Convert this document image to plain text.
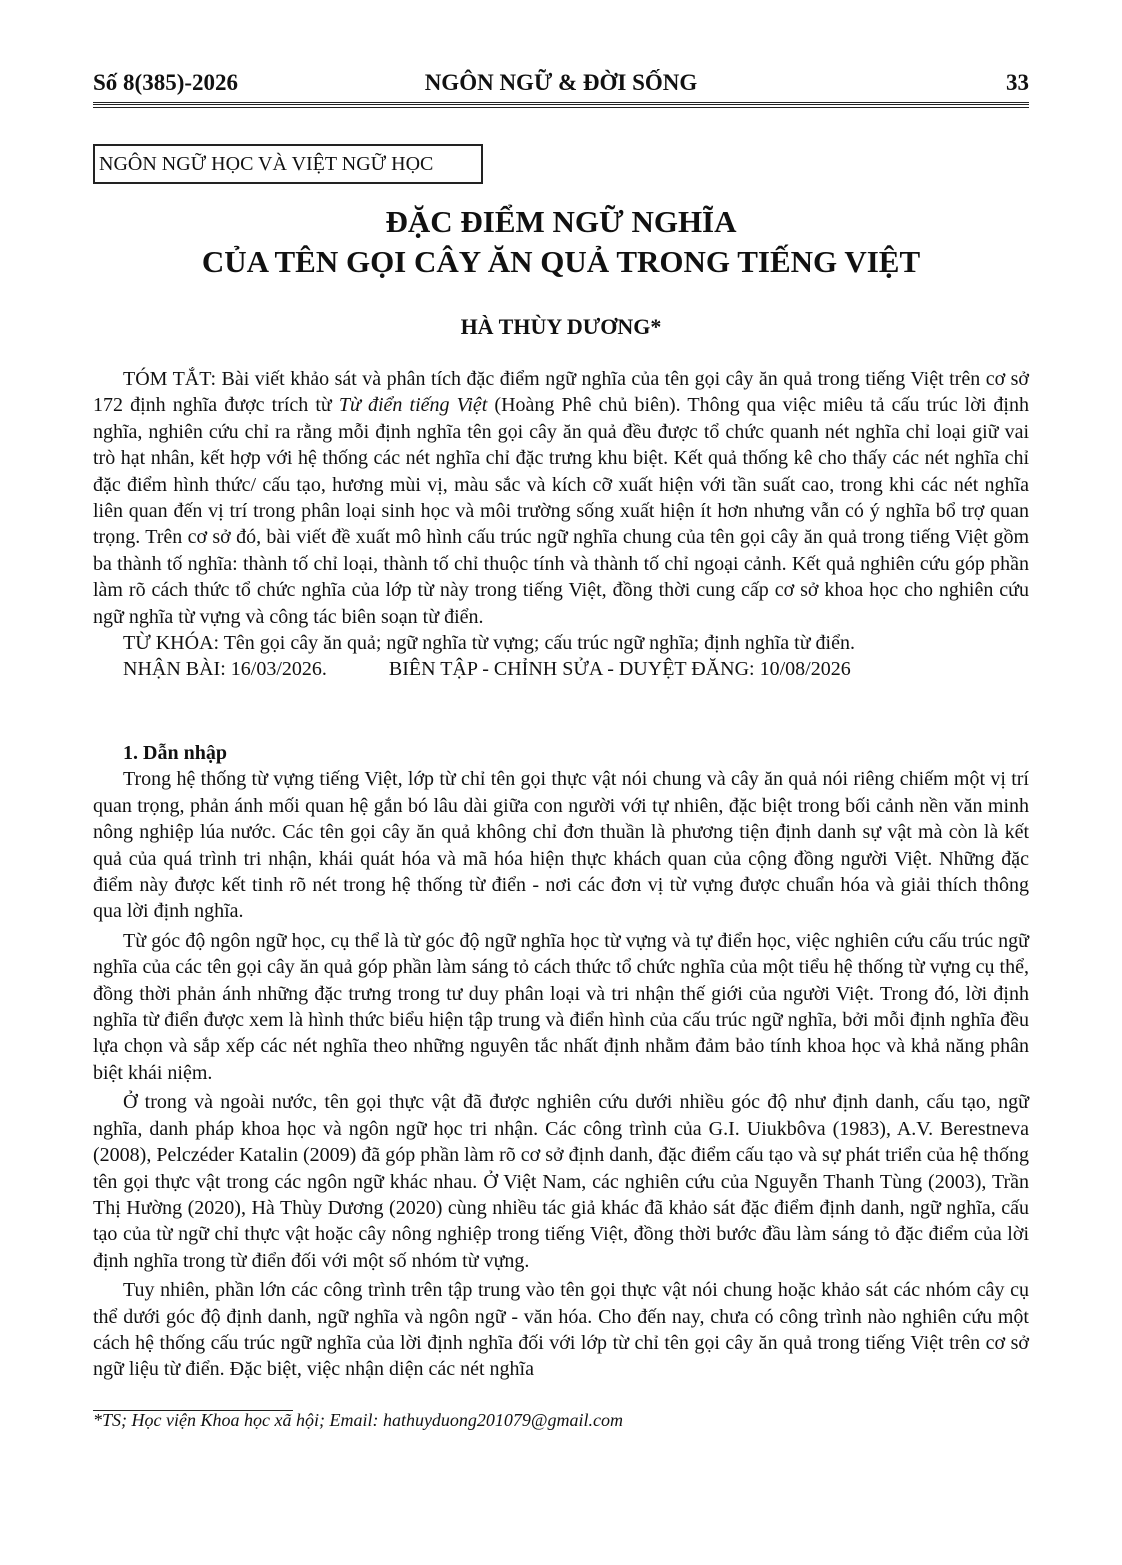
Số 8(385)-2026	NGÔN NGỮ & ĐỜI SỐNG	33
NGÔN NGỮ HỌC VÀ VIỆT NGỮ HỌC
ĐẶC ĐIỂM NGỮ NGHĨA
CỦA TÊN GỌI CÂY ĂN QUẢ TRONG TIẾNG VIỆT
HÀ THÙY DƯƠNG*

TÓM TẮT: Bài viết khảo sát và phân tích đặc điểm ngữ nghĩa của tên gọi cây ăn quả trong tiếng Việt trên cơ sở 172 định nghĩa được trích từ Từ điển tiếng Việt (Hoàng Phê chủ biên). Thông qua việc miêu tả cấu trúc lời định nghĩa, nghiên cứu chỉ ra rằng mỗi định nghĩa tên gọi cây ăn quả đều được tổ chức quanh nét nghĩa chỉ loại giữ vai trò hạt nhân, kết hợp với hệ thống các nét nghĩa chỉ đặc trưng khu biệt. Kết quả thống kê cho thấy các nét nghĩa chỉ đặc điểm hình thức/ cấu tạo, hương mùi vị, màu sắc và kích cỡ xuất hiện với tần suất cao, trong khi các nét nghĩa liên quan đến vị trí trong phân loại sinh học và môi trường sống xuất hiện ít hơn nhưng vẫn có ý nghĩa bổ trợ quan trọng. Trên cơ sở đó, bài viết đề xuất mô hình cấu trúc ngữ nghĩa chung của tên gọi cây ăn quả trong tiếng Việt gồm ba thành tố nghĩa: thành tố chỉ loại, thành tố chỉ thuộc tính và thành tố chỉ ngoại cảnh. Kết quả nghiên cứu góp phần làm rõ cách thức tổ chức nghĩa của lớp từ này trong tiếng Việt, đồng thời cung cấp cơ sở khoa học cho nghiên cứu ngữ nghĩa từ vựng và công tác biên soạn từ điển.

TỪ KHÓA: Tên gọi cây ăn quả; ngữ nghĩa từ vựng; cấu trúc ngữ nghĩa; định nghĩa từ điển.

NHẬN BÀI: 16/03/2026.	BIÊN TẬP - CHỈNH SỬA - DUYỆT ĐĂNG: 10/08/2026
1. Dẫn nhập

Trong hệ thống từ vựng tiếng Việt, lớp từ chỉ tên gọi thực vật nói chung và cây ăn quả nói riêng chiếm một vị trí quan trọng, phản ánh mối quan hệ gắn bó lâu dài giữa con người với tự nhiên, đặc biệt trong bối cảnh nền văn minh nông nghiệp lúa nước. Các tên gọi cây ăn quả không chỉ đơn thuần là phương tiện định danh sự vật mà còn là kết quả của quá trình tri nhận, khái quát hóa và mã hóa hiện thực khách quan của cộng đồng người Việt. Những đặc điểm này được kết tinh rõ nét trong hệ thống từ điển - nơi các đơn vị từ vựng được chuẩn hóa và giải thích thông qua lời định nghĩa.

Từ góc độ ngôn ngữ học, cụ thể là từ góc độ ngữ nghĩa học từ vựng và tự điển học, việc nghiên cứu cấu trúc ngữ nghĩa của các tên gọi cây ăn quả góp phần làm sáng tỏ cách thức tổ chức nghĩa của một tiểu hệ thống từ vựng cụ thể, đồng thời phản ánh những đặc trưng trong tư duy phân loại và tri nhận thế giới của người Việt. Trong đó, lời định nghĩa từ điển được xem là hình thức biểu hiện tập trung và điển hình của cấu trúc ngữ nghĩa, bởi mỗi định nghĩa đều lựa chọn và sắp xếp các nét nghĩa theo những nguyên tắc nhất định nhằm đảm bảo tính khoa học và khả năng phân biệt khái niệm.

Ở trong và ngoài nước, tên gọi thực vật đã được nghiên cứu dưới nhiều góc độ như định danh, cấu tạo, ngữ nghĩa, danh pháp khoa học và ngôn ngữ học tri nhận. Các công trình của G.I. Uiukbôva (1983), A.V. Berestneva (2008), Pelczéder Katalin (2009) đã góp phần làm rõ cơ sở định danh, đặc điểm cấu tạo và sự phát triển của hệ thống tên gọi thực vật trong các ngôn ngữ khác nhau. Ở Việt Nam, các nghiên cứu của Nguyễn Thanh Tùng (2003), Trần Thị Hường (2020), Hà Thùy Dương (2020) cùng nhiều tác giả khác đã khảo sát đặc điểm định danh, ngữ nghĩa, cấu tạo của từ ngữ chỉ thực vật hoặc cây nông nghiệp trong tiếng Việt, đồng thời bước đầu làm sáng tỏ đặc điểm của lời định nghĩa trong từ điển đối với một số nhóm từ vựng.

Tuy nhiên, phần lớn các công trình trên tập trung vào tên gọi thực vật nói chung hoặc khảo sát các nhóm cây cụ thể dưới góc độ định danh, ngữ nghĩa và ngôn ngữ - văn hóa. Cho đến nay, chưa có công trình nào nghiên cứu một cách hệ thống cấu trúc ngữ nghĩa của lời định nghĩa đối với lớp từ chỉ tên gọi cây ăn quả trong tiếng Việt trên cơ sở ngữ liệu từ điển. Đặc biệt, việc nhận diện các nét nghĩa

*TS; Học viện Khoa học xã hội; Email: hathuyduong201079@gmail.com
